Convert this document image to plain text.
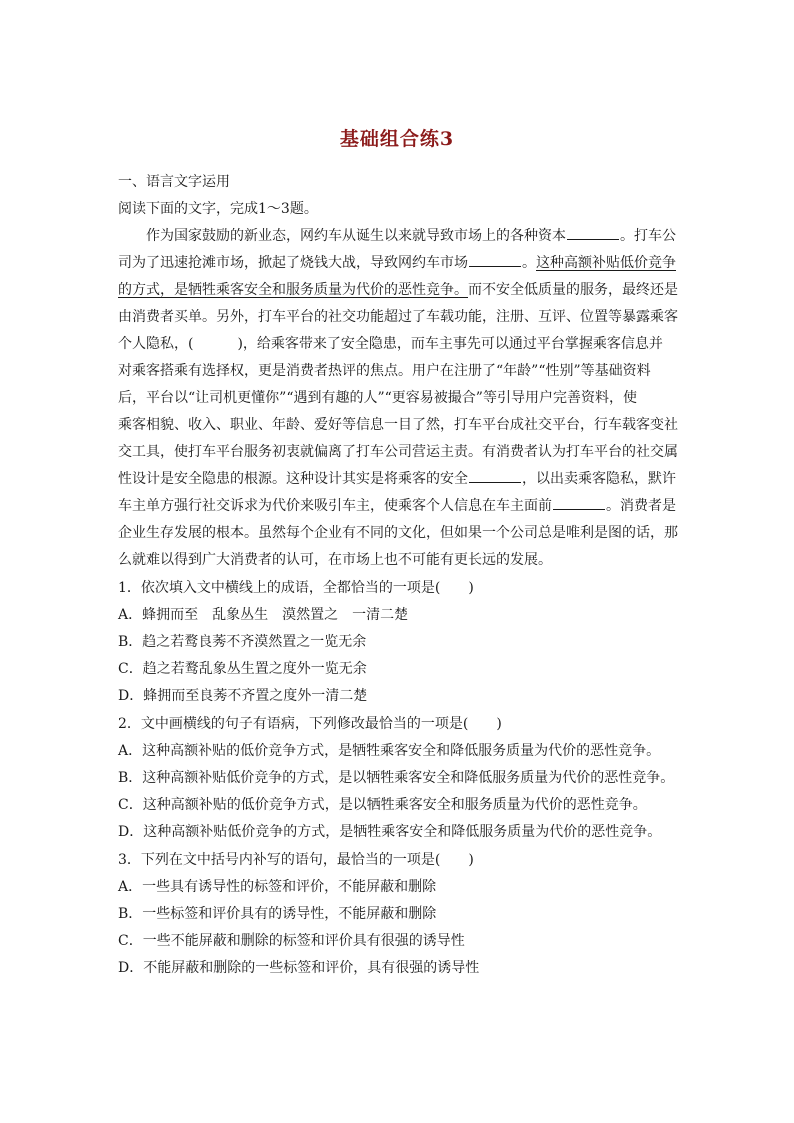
基础组合练3
一、语言文字运用
阅读下面的文字，完成1～3题。
作为国家鼓励的新业态，网约车从诞生以来就导致市场上的各种资本	。打车公
司为了迅速抢滩市场，掀起了烧钱大战，导致网约车市场	。这种高额补贴低价竞争
的方式，是牺牲乘客安全和服务质量为代价的恶性竞争。而不安全低质量的服务，最终还是
由消费者买单。另外，打车平台的社交功能超过了车载功能，注册、互评、位置等暴露乘客
个人隐私，(	)，给乘客带来了安全隐患，而车主事先可以通过平台掌握乘客信息并
对乘客搭乘有选择权，更是消费者热评的焦点。用户在注册了“年龄”“性别”等基础资料
后，平台以“让司机更懂你”“遇到有趣的人”“更容易被撮合”等引导用户完善资料，使
乘客相貌、收入、职业、年龄、爱好等信息一目了然，打车平台成社交平台，行车载客变社
交工具，使打车平台服务初衷就偏离了打车公司营运主责。有消费者认为打车平台的社交属
性设计是安全隐患的根源。这种设计其实是将乘客的安全	，以出卖乘客隐私，默许
车主单方强行社交诉求为代价来吸引车主，使乘客个人信息在车主面前	。消费者是
企业生存发展的根本。虽然每个企业有不同的文化，但如果一个公司总是唯利是图的话，那
么就难以得到广大消费者的认可，在市场上也不可能有更长远的发展。
1．依次填入文中横线上的成语，全都恰当的一项是(　　)
A．蜂拥而至　乱象丛生　漠然置之　一清二楚
B．趋之若鹜良莠不齐漠然置之一览无余
C．趋之若鹜乱象丛生置之度外一览无余
D．蜂拥而至良莠不齐置之度外一清二楚
2．文中画横线的句子有语病，下列修改最恰当的一项是(　　)
A．这种高额补贴的低价竞争方式，是牺牲乘客安全和降低服务质量为代价的恶性竞争。
B．这种高额补贴低价竞争的方式，是以牺牲乘客安全和降低服务质量为代价的恶性竞争。
C．这种高额补贴的低价竞争方式，是以牺牲乘客安全和服务质量为代价的恶性竞争。
D．这种高额补贴低价竞争的方式，是牺牲乘客安全和降低服务质量为代价的恶性竞争。
3．下列在文中括号内补写的语句，最恰当的一项是(　　)
A．一些具有诱导性的标签和评价，不能屏蔽和删除
B．一些标签和评价具有的诱导性，不能屏蔽和删除
C．一些不能屏蔽和删除的标签和评价具有很强的诱导性
D．不能屏蔽和删除的一些标签和评价，具有很强的诱导性
